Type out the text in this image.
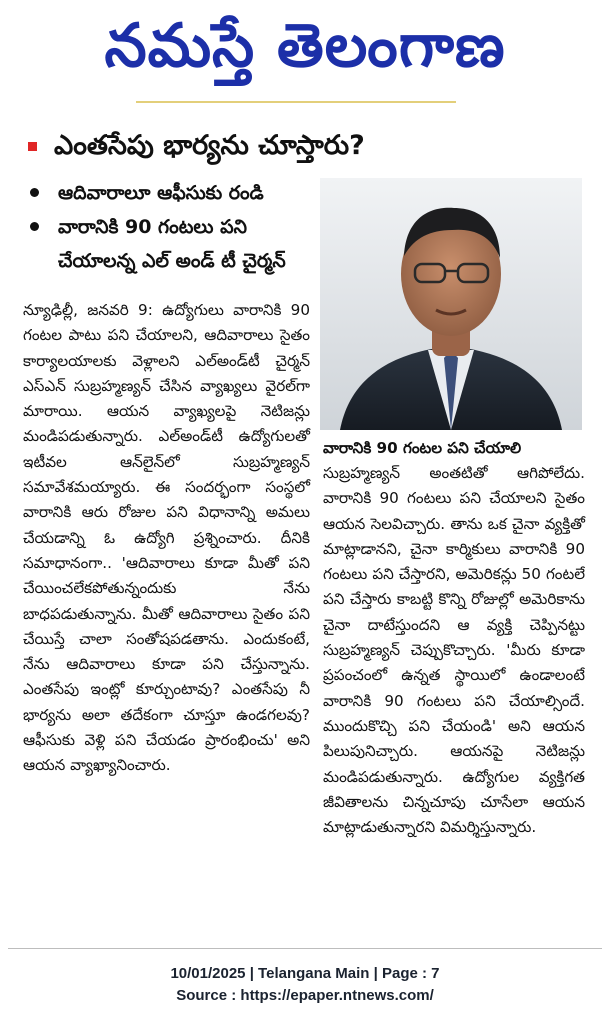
నమస్తే తెలంగాణ
ఎంతసేపు భార్యను చూస్తారు?
ఆదివారాలూ ఆఫీసుకు రండి
వారానికి 90 గంటలు పని చేయాలన్న ఎల్ అండ్ టీ చైర్మన్
న్యూఢిల్లీ, జనవరి 9: ఉద్యోగులు వారానికి 90 గంటల పాటు పని చేయాలని, ఆదివారాలు సైతం కార్యాలయాలకు వెళ్లాలని ఎల్అండ్‌టీ చైర్మన్ ఎస్ఎన్ సుబ్రహ్మణ్యన్ చేసిన వ్యాఖ్యలు వైరల్‌గా మారాయి. ఆయన వ్యాఖ్యలపై నెటిజన్లు మండిపడుతున్నారు. ఎల్అండ్‌టీ ఉద్యోగులతో ఇటీవల ఆన్‌లైన్‌లో సుబ్రహ్మణ్యన్ సమావేశమయ్యారు. ఈ సందర్భంగా సంస్థలో వారానికి ఆరు రోజుల పని విధానాన్ని అమలు చేయడాన్ని ఓ ఉద్యోగి ప్రశ్నించారు. దీనికి సమాధానంగా.. 'ఆదివారాలు కూడా మీతో పని చేయించలేకపోతున్నందుకు నేను బాధపడుతున్నాను. మీతో ఆదివారాలు సైతం పని చేయిస్తే చాలా సంతోషపడతాను. ఎందుకంటే, నేను ఆదివారాలు కూడా పని చేస్తున్నాను. ఎంతసేపు ఇంట్లో కూర్చుంటావు? ఎంతసేపు నీ భార్యను అలా తదేకంగా చూస్తూ ఉండగలవు? ఆఫీసుకు వెళ్లి పని చేయడం ప్రారంభించు' అని ఆయన వ్యాఖ్యానించారు.
వారానికి 90 గంటల పని చేయాలి
సుబ్రహ్మణ్యన్ అంతటితో ఆగిపోలేదు. వారానికి 90 గంటలు పని చేయాలని సైతం ఆయన సెలవిచ్చారు. తాను ఒక చైనా వ్యక్తితో మాట్లాడానని, చైనా కార్మికులు వారానికి 90 గంటలు పని చేస్తారని, అమెరికన్లు 50 గంటలే పని చేస్తారు కాబట్టి కొన్ని రోజుల్లో అమెరికాను చైనా దాటేస్తుందని ఆ వ్యక్తి చెప్పినట్టు సుబ్రహ్మణ్యన్ చెప్పుకొచ్చారు. 'మీరు కూడా ప్రపంచంలో ఉన్నత స్థాయిలో ఉండాలంటే వారానికి 90 గంటలు పని చేయాల్సిందే. ముందుకొచ్చి పని చేయండి' అని ఆయన పిలుపునిచ్చారు. ఆయనపై నెటిజన్లు మండిపడుతున్నారు. ఉద్యోగుల వ్యక్తిగత జీవితాలను చిన్నచూపు చూసేలా ఆయన మాట్లాడుతున్నారని విమర్శిస్తున్నారు.
10/01/2025 | Telangana Main | Page : 7
Source : https://epaper.ntnews.com/
